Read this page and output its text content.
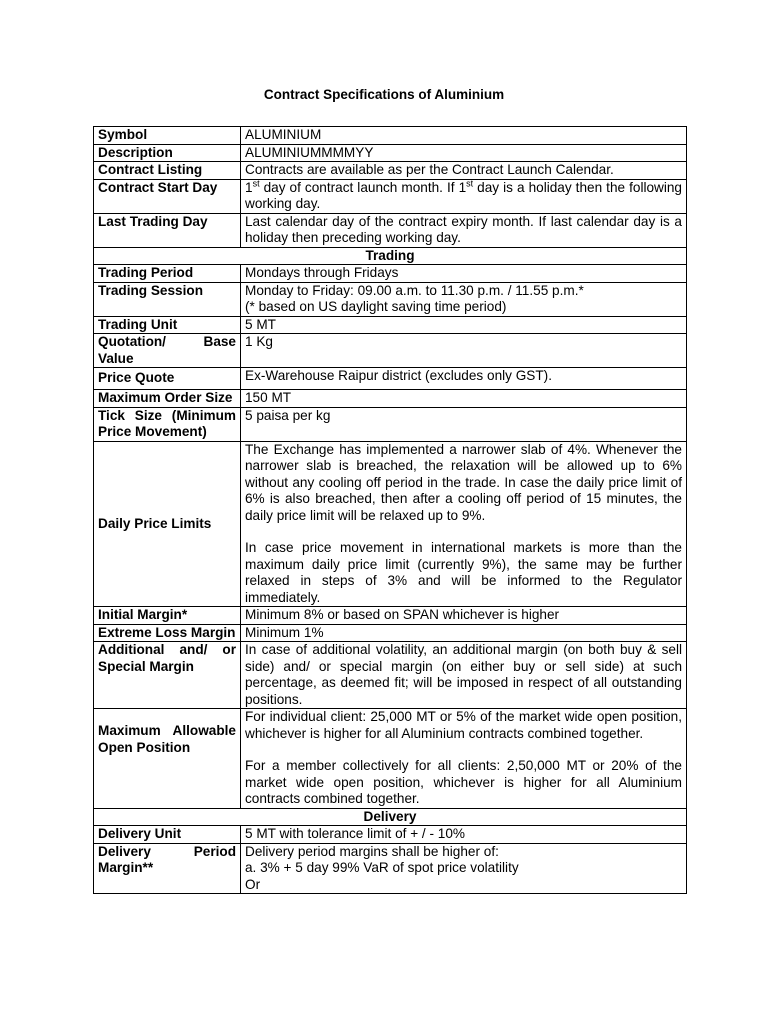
Contract Specifications of Aluminium
Symbol	ALUMINIUM
Description	ALUMINIUMMMMYY
Contract Listing	Contracts are available as per the Contract Launch Calendar.
Contract Start Day	1st day of contract launch month. If 1st day is a holiday then the following working day.
Last Trading Day	Last calendar day of the contract expiry month. If last calendar day is a holiday then preceding working day.
Trading	
Trading Period	Mondays through Fridays
Trading Session	Monday to Friday: 09.00 a.m. to 11.30 p.m. / 11.55 p.m.*
(* based on US daylight saving time period)

Trading Unit	5 MT
Quotation/ Base Value	1 Kg
Price Quote	Ex-Warehouse Raipur district (excludes only GST).
Maximum Order Size	150 MT
Tick Size (Minimum Price Movement)	5 paisa per kg
Daily Price Limits	The Exchange has implemented a narrower slab of 4%. Whenever the narrower slab is breached, the relaxation will be allowed up to 6% without any cooling off period in the trade. In case the daily price limit of 6% is also breached, then after a cooling off period of 15 minutes, the daily price limit will be relaxed up to 9%.
In case price movement in international markets is more than the maximum daily price limit (currently 9%), the same may be further relaxed in steps of 3% and will be informed to the Regulator immediately.

Initial Margin*	Minimum 8% or based on SPAN whichever is higher
Extreme Loss Margin	Minimum 1%
Additional and/ or Special Margin	In case of additional volatility, an additional margin (on both buy & sell side) and/ or special margin (on either buy or sell side) at such percentage, as deemed fit; will be imposed in respect of all outstanding positions.
Maximum Allowable Open Position	For individual client: 25,000 MT or 5% of the market wide open position, whichever is higher for all Aluminium contracts combined together.
For a member collectively for all clients: 2,50,000 MT or 20% of the market wide open position, whichever is higher for all Aluminium contracts combined together.

Delivery	
Delivery Unit	5 MT with tolerance limit of + / - 10%
Delivery Period Margin**	Delivery period margins shall be higher of:
a. 3% + 5 day 99% VaR of spot price volatility
Or
